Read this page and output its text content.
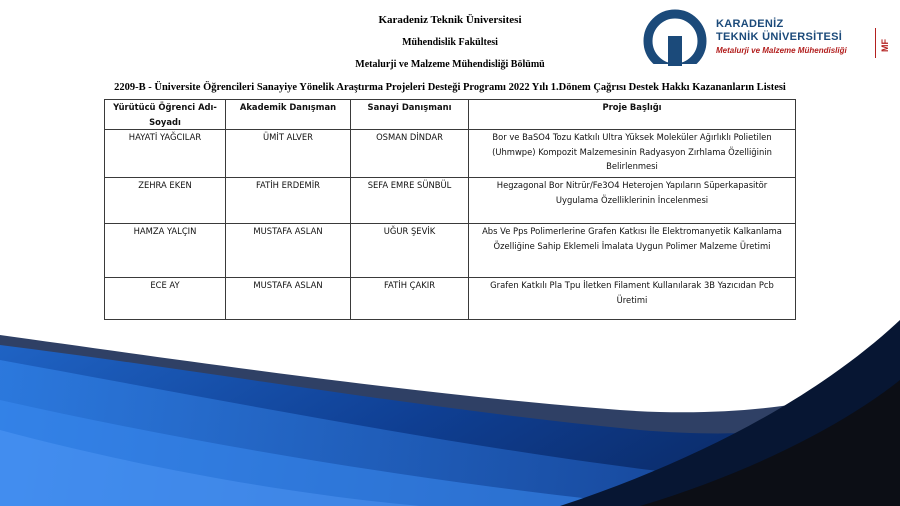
Karadeniz Teknik Üniversitesi
Mühendislik Fakültesi
Metalurji ve Malzeme Mühendisliği Bölümü
2209-B - Üniversite Öğrencileri Sanayiye Yönelik Araştırma Projeleri Desteği Programı 2022 Yılı 1.Dönem Çağrısı Destek Hakkı Kazananların Listesi
KARADENİZ
TEKNİK ÜNİVERSİTESİ
Metalurji ve Malzeme Mühendisliği	MF
Yürütücü Öğrenci Adı-Soyadı	Akademik Danışman	Sanayi Danışmanı	Proje Başlığı
HAYATİ YAĞCILAR	ÜMİT ALVER	OSMAN DİNDAR	Bor ve BaSO4 Tozu Katkılı Ultra Yüksek Moleküler Ağırlıklı Polietilen (Uhmwpe) Kompozit Malzemesinin Radyasyon Zırhlama Özelliğinin Belirlenmesi
ZEHRA EKEN	FATİH ERDEMİR	SEFA EMRE SÜNBÜL	Hegzagonal Bor Nitrür/Fe3O4 Heterojen Yapıların Süperkapasitör Uygulama Özelliklerinin İncelenmesi
HAMZA YALÇIN	MUSTAFA ASLAN	UĞUR ŞEVİK	Abs Ve Pps Polimerlerine Grafen Katkısı İle Elektromanyetik Kalkanlama Özelliğine Sahip Eklemeli İmalata Uygun Polimer Malzeme Üretimi
ECE AY	MUSTAFA ASLAN	FATİH ÇAKIR	Grafen Katkılı Pla Tpu İletken Filament Kullanılarak 3B Yazıcıdan Pcb Üretimi
